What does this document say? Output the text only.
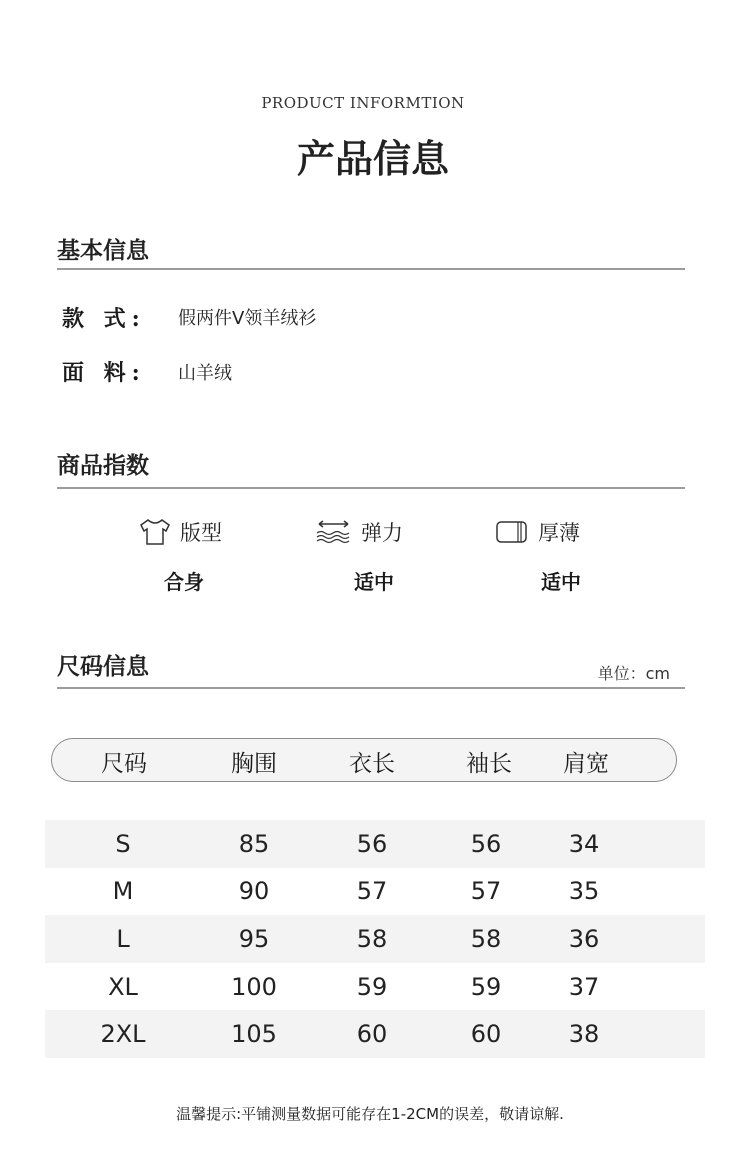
PRODUCT INFORMTION
产品信息
基本信息
款 式: 假两件V领羊绒衫
面 料: 山羊绒
商品指数
版型	弹力	厚薄
合身	适中	适中
尺码信息	单位：cm
尺码	胸围	衣长	袖长	肩宽
S	85	56	56	34
M	90	57	57	35
L	95	58	58	36
XL	100	59	59	37
2XL	105	60	60	38
温馨提示:平铺测量数据可能存在1-2CM的误差，敬请谅解.
